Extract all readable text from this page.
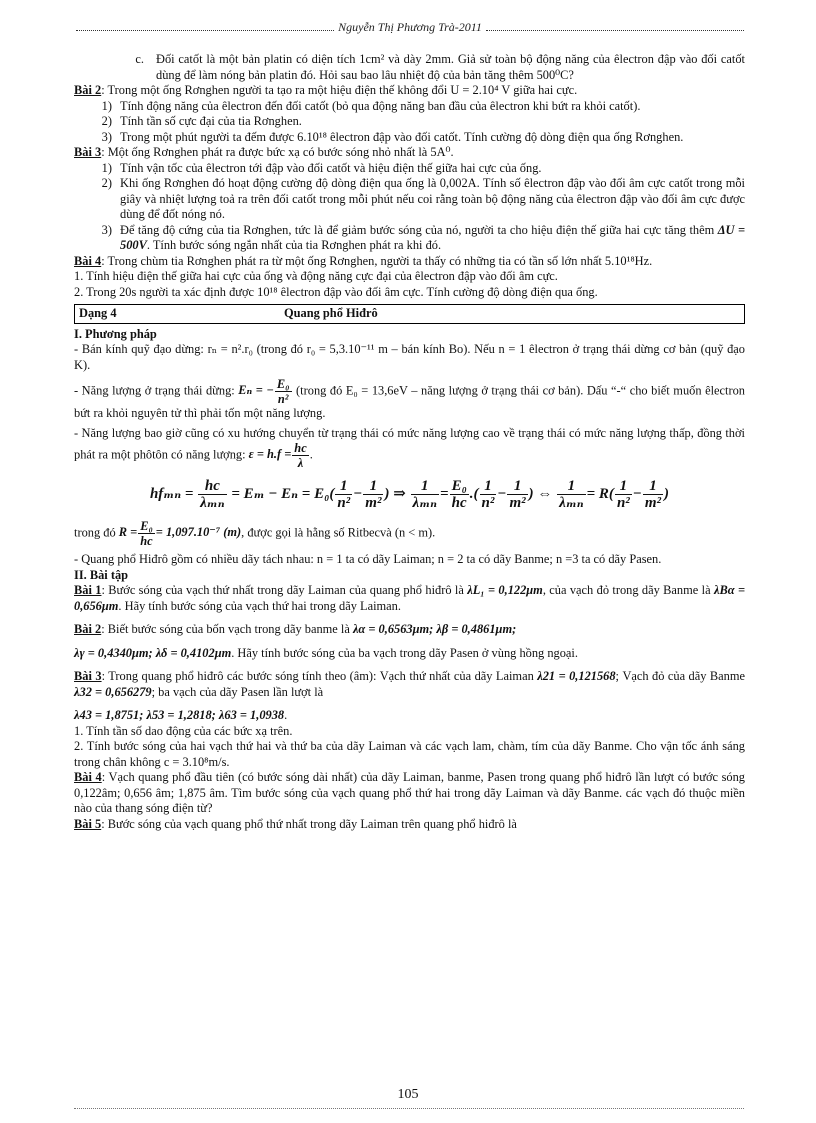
Nguyễn Thị Phương Trà-2011
c. Đối catốt là một bản platin có diện tích 1cm² và dày 2mm. Giả sử toàn bộ động năng của êlectron đập vào đối catốt dùng để làm nóng bản platin đó. Hỏi sau bao lâu nhiệt độ của bản tăng thêm 500⁰C?

Bài 2: Trong một ống Rơnghen người ta tạo ra một hiệu điện thế không đổi U = 2.10⁴ V giữa hai cực.

1) Tính động năng của êlectron đến đối catốt (bỏ qua động năng ban đầu của êlectron khi bứt ra khỏi catốt).
2) Tính tần số cực đại của tia Rơnghen.
3) Trong một phút người ta đếm được 6.10¹⁸ êlectron đập vào đối catốt. Tính cường độ dòng điện qua ống Rơnghen.

Bài 3: Một ống Rơnghen phát ra được bức xạ có bước sóng nhỏ nhất là 5A⁰.

1) Tính vận tốc của êlectron tới đập vào đối catốt và hiệu điện thế giữa hai cực của ống.
2) Khi ống Rơnghen đó hoạt động cường độ dòng điện qua ống là 0,002A. Tính số êlectron đập vào đối âm cực catốt trong mỗi giây và nhiệt lượng toả ra trên đối catốt trong mỗi phút nếu coi rằng toàn bộ động năng của êlectron đập vào đối âm cực được dùng để đốt nóng nó.
3) Để tăng độ cứng của tia Rơnghen, tức là để giảm bước sóng của nó, người ta cho hiệu điện thế giữa hai cực tăng thêm ΔU = 500V. Tính bước sóng ngắn nhất của tia Rơnghen phát ra khi đó.

Bài 4: Trong chùm tia Rơnghen phát ra từ một ống Rơnghen, người ta thấy có những tia có tần số lớn nhất 5.10¹⁸Hz.

1. Tính hiệu điện thế giữa hai cực của ống và động năng cực đại của êlectron đập vào đối âm cực.

2. Trong 20s người ta xác định được 10¹⁸ êlectron đập vào đối âm cực. Tính cường độ dòng điện qua ống.

Dạng 4	Quang phổ Hiđrô

I. Phương pháp

- Bán kính quỹ đạo dừng: rₙ = n².r₀ (trong đó r₀ = 5,3.10⁻¹¹ m – bán kính Bo). Nếu n = 1 êlectron ở trạng thái dừng cơ bản (quỹ đạo K).

- Năng lượng ở trạng thái dừng: Eₙ = − $\frac{\text{E₀}}{\text{n²}}$ (trong đó E₀ = 13,6eV – năng lượng ở trạng thái cơ bản). Dấu “-“ cho biết muốn êlectron bứt ra khỏi nguyên tử thì phải tốn một năng lượng.

- Năng lượng bao giờ cũng có xu hướng chuyển từ trạng thái có mức năng lượng cao về trạng thái có mức năng lượng thấp, đồng thời phát ra một phôtôn có năng lượng: $\varepsilon = h.f = \frac{hc}{\lambda}$ .

$hf_{mn} = \frac{hc}{\text{λₘₙ}} = E_m - E_n = E_0( \frac{1}{\text{n²}} - \frac{1}{\text{m²}}$ ) ⇒ $\frac{1}{\text{λₘₙ}} = \frac{\text{E₀}}{hc}$ .( $\frac{1}{\text{n²}} - \frac{1}{\text{m²}}$ ) ⇔ $\frac{1}{\text{λₘₙ}} = R( \frac{1}{\text{n²}} - \frac{1}{\text{m²}}$ )

trong đó $R = \frac{\text{E₀}}{hc} = 1,097.10^{-7}$ (m), được gọi là hằng số Ritbecvà (n < m).

- Quang phổ Hiđrô gồm có nhiều dãy tách nhau: n = 1 ta có dãy Laiman; n = 2 ta có dãy Banme; n =3 ta có dãy Pasen.

II. Bài tập

Bài 1: Bước sóng của vạch thứ nhất trong dãy Laiman của quang phổ hiđrô là λL₁ = 0,122μm, của vạch đỏ trong dãy Banme là λBα = 0,656μm. Hãy tính bước sóng của vạch thứ hai trong dãy Laiman.

Bài 2: Biết bước sóng của bốn vạch trong dãy banme là λα = 0,6563μm; λβ = 0,4861μm;

λγ = 0,4340μm; λδ = 0,4102μm. Hãy tính bước sóng của ba vạch trong dãy Pasen ở vùng hồng ngoại.

Bài 3: Trong quang phổ hiđrô các bước sóng tính theo (âm): Vạch thứ nhất của dãy Laiman λ21 = 0,121568; Vạch đỏ của dãy Banme λ32 = 0,656279; ba vạch của dãy Pasen lần lượt là

λ43 = 1,8751; λ53 = 1,2818; λ63 = 1,0938.

1. Tính tần số dao động của các bức xạ trên.

2. Tính bước sóng của hai vạch thứ hai và thứ ba của dãy Laiman và các vạch lam, chàm, tím của dãy Banme. Cho vận tốc ánh sáng trong chân không c = 3.10⁸m/s.

Bài 4: Vạch quang phổ đầu tiên (có bước sóng dài nhất) của dãy Laiman, banme, Pasen trong quang phổ hiđrô lần lượt có bước sóng 0,122âm; 0,656 âm; 1,875 âm. Tìm bước sóng của vạch quang phổ thứ hai trong dãy Laiman và dãy Banme. các vạch đó thuộc miền nào của thang sóng điện từ?

Bài 5: Bước sóng của vạch quang phổ thứ nhất trong dãy Laiman trên quang phổ hiđrô là

105
